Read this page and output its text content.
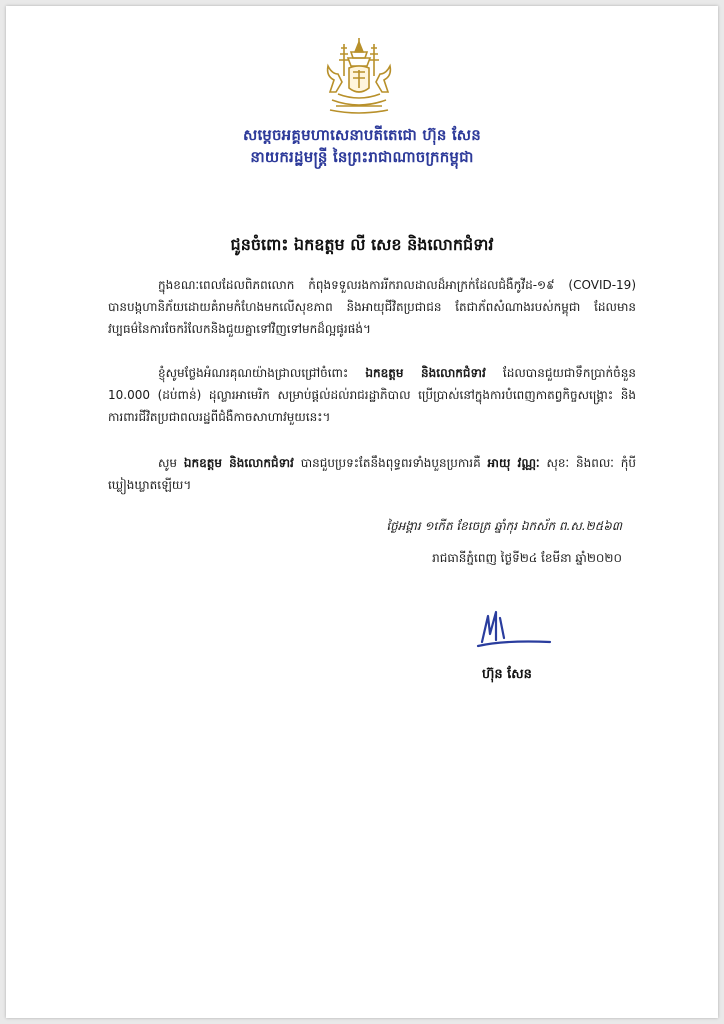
សម្ដេចអគ្គមហាសេនាបតីតេជោ ហ៊ុន សែន
នាយករដ្ឋមន្ត្រី នៃព្រះរាជាណាចក្រកម្ពុជា
ជូនចំពោះ ឯកឧត្តម លី សេខ និងលោកជំទាវ
ក្នុងខណៈពេលដែលពិភពលោក កំពុងទទួលរងការរីករាលដាលដ៏អាក្រក់ដែលជំងឺកូវីដ-១៩ (COVID-19) បានបង្កហានិភ័យដោយគំរាមកំហែងមកលើសុខភាព និងអាយុជីវិតប្រជាជន តែជាភ័ពសំណាងរបស់កម្ពុជា ដែលមានវប្បធម៌នៃការចែករំលែកនិងជួយគ្នាទៅវិញទៅមកដ៏ល្អផូរផង់។
ខ្ញុំសូមថ្លែងអំណរគុណយ៉ាងជ្រាលជ្រៅចំពោះ ឯកឧត្តម និងលោកជំទាវ ដែលបានជួយជាទឹកប្រាក់ចំនួន 10.000 (ដប់ពាន់) ដុល្លារអាមេរិក សម្រាប់ផ្តល់ដល់រាជរដ្ឋាភិបាល ប្រើប្រាស់នៅក្នុងការបំពេញកាតព្វកិច្ចសង្គ្រោះ និងការពារជីវិតប្រជាពលរដ្ឋពីជំងឺកាចសាហាវមួយនេះ។
សូម ឯកឧត្តម និងលោកជំទាវ បានជួបប្រទះតែនឹងពុទ្ធពរទាំងបួនប្រការគឺ អាយុ វណ្ណៈ សុខៈ និងពលៈ កុំបីឃ្លៀងឃ្លាតឡើយ។
ថ្ងៃអង្គារ ១កើត ខែចេត្រ ឆ្នាំកុរ ឯកស័ក ព.ស.២៥៦៣
រាជធានីភ្នំពេញ ថ្ងៃទី២៤ ខែមីនា ឆ្នាំ២០២០
ហ៊ុន សែន
